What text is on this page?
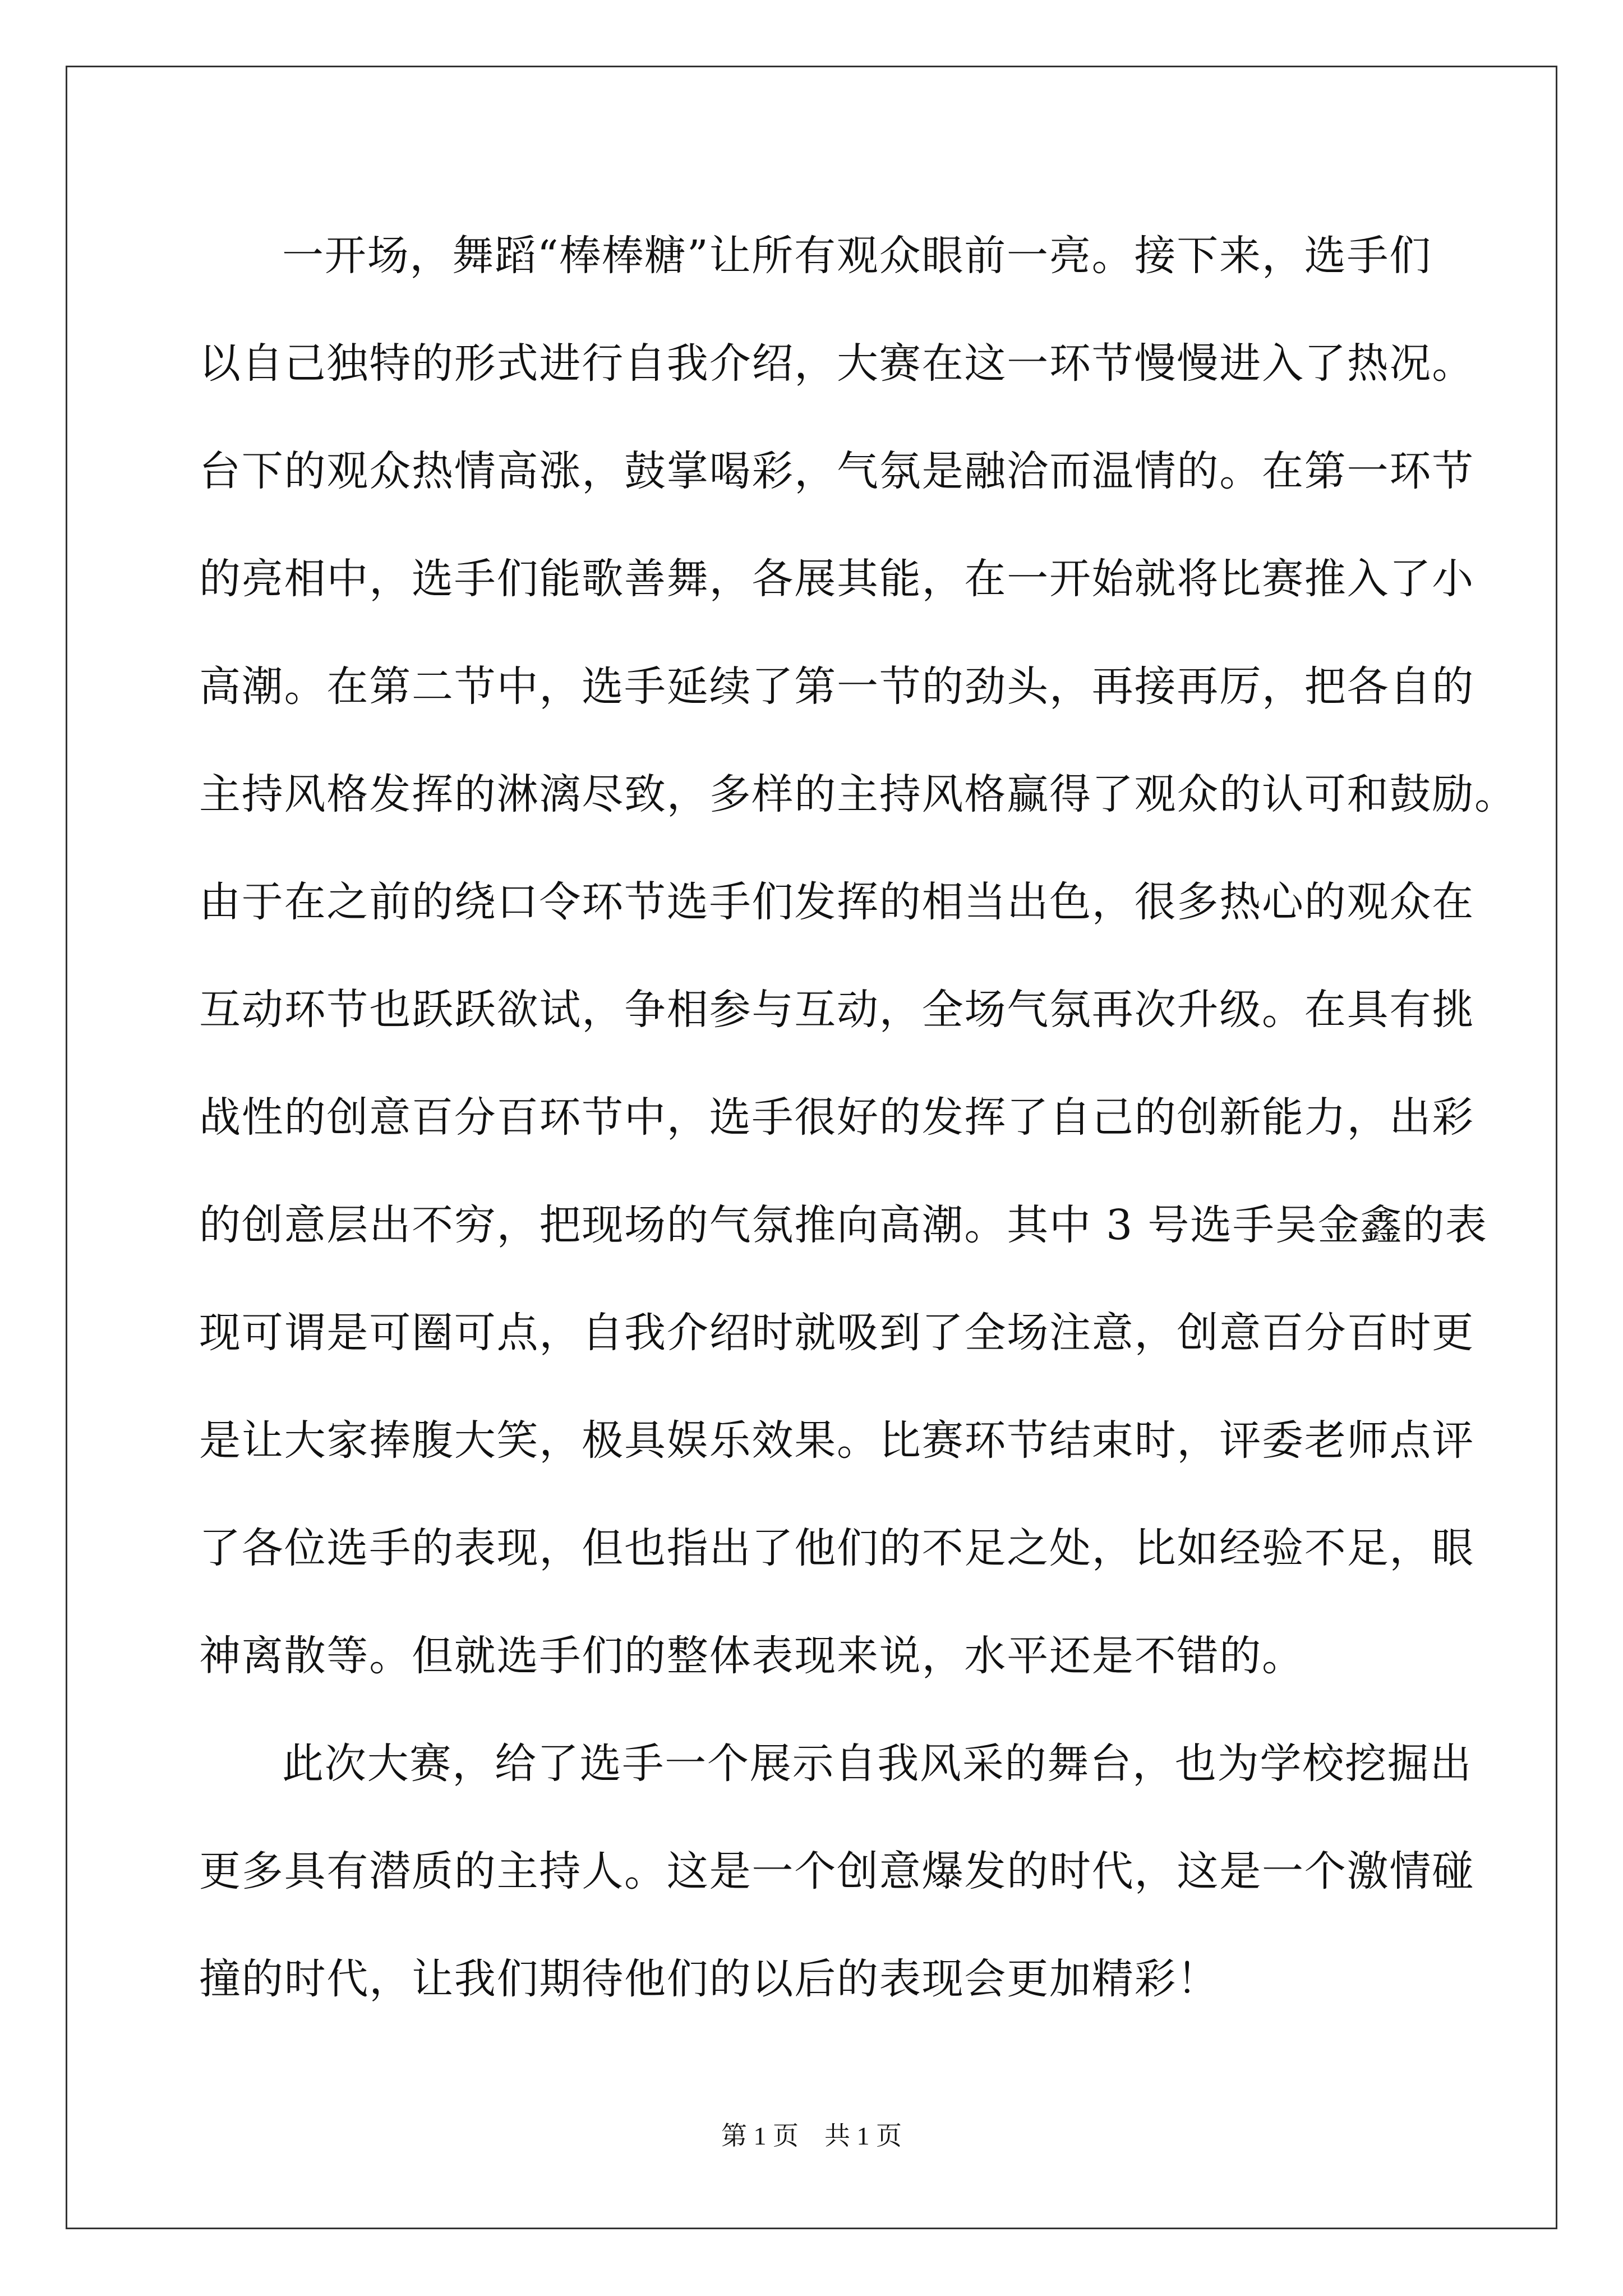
一开场，舞蹈“棒棒糖”让所有观众眼前一亮。接下来，选手们
以自己独特的形式进行自我介绍，大赛在这一环节慢慢进入了热况。
台下的观众热情高涨，鼓掌喝彩，气氛是融洽而温情的。在第一环节
的亮相中，选手们能歌善舞，各展其能，在一开始就将比赛推入了小
高潮。在第二节中，选手延续了第一节的劲头，再接再厉，把各自的
主持风格发挥的淋漓尽致，多样的主持风格赢得了观众的认可和鼓励。
由于在之前的绕口令环节选手们发挥的相当出色，很多热心的观众在
互动环节也跃跃欲试，争相参与互动，全场气氛再次升级。在具有挑
战性的创意百分百环节中，选手很好的发挥了自己的创新能力，出彩
的创意层出不穷，把现场的气氛推向高潮。其中 3 号选手吴金鑫的表
现可谓是可圈可点，自我介绍时就吸到了全场注意，创意百分百时更
是让大家捧腹大笑，极具娱乐效果。比赛环节结束时，评委老师点评
了各位选手的表现，但也指出了他们的不足之处，比如经验不足，眼
神离散等。但就选手们的整体表现来说，水平还是不错的。
此次大赛，给了选手一个展示自我风采的舞台，也为学校挖掘出
更多具有潜质的主持人。这是一个创意爆发的时代，这是一个激情碰
撞的时代，让我们期待他们的以后的表现会更加精彩！
第 1 页　共 1 页
